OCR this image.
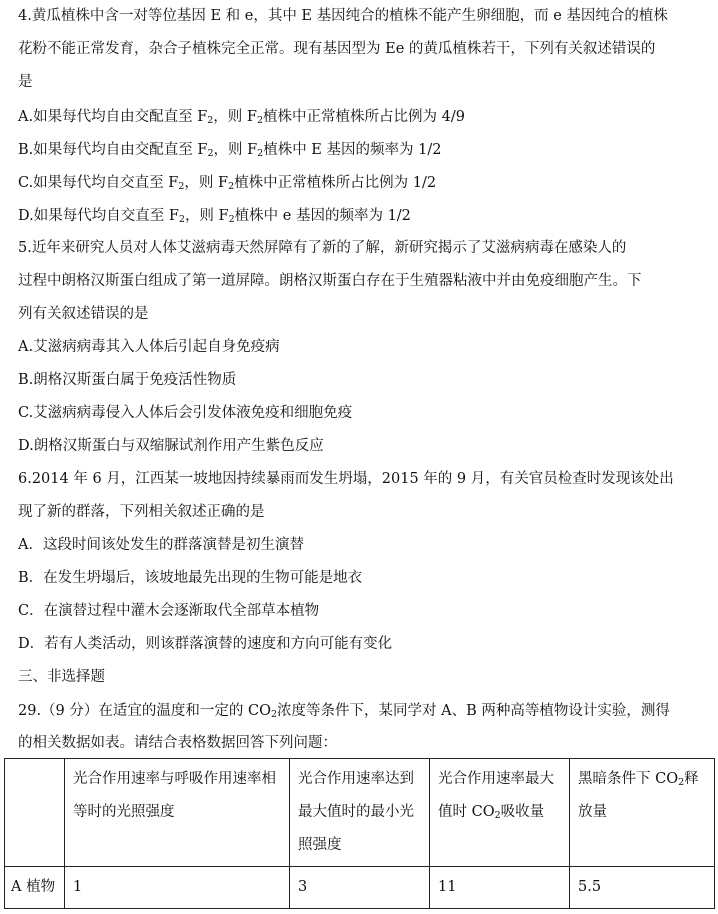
4.黄瓜植株中含一对等位基因 E 和 e，其中 E 基因纯合的植株不能产生卵细胞，而 e 基因纯合的植株
花粉不能正常发育，杂合子植株完全正常。现有基因型为 Ee 的黄瓜植株若干，下列有关叙述错误的
是
A.如果每代均自由交配直至 $F_2$，则 $F_2$植株中正常植株所占比例为 4/9
B.如果每代均自由交配直至 $F_2$，则 $F_2$植株中 E 基因的频率为 1/2
C.如果每代均自交直至 $F_2$，则 $F_2$植株中正常植株所占比例为 1/2
D.如果每代均自交直至 $F_2$，则 $F_2$植株中 e 基因的频率为 1/2
5.近年来研究人员对人体艾滋病毒天然屏障有了新的了解，新研究揭示了艾滋病病毒在感染人的
过程中朗格汉斯蛋白组成了第一道屏障。朗格汉斯蛋白存在于生殖器粘液中并由免疫细胞产生。下
列有关叙述错误的是
A.艾滋病病毒其入人体后引起自身免疫病
B.朗格汉斯蛋白属于免疫活性物质
C.艾滋病病毒侵入人体后会引发体液免疫和细胞免疫
D.朗格汉斯蛋白与双缩脲试剂作用产生紫色反应
6.2014 年 6 月，江西某一坡地因持续暴雨而发生坍塌，2015 年的 9 月，有关官员检查时发现该处出
现了新的群落，下列相关叙述正确的是
A．这段时间该处发生的群落演替是初生演替
B．在发生坍塌后，该坡地最先出现的生物可能是地衣
C．在演替过程中灌木会逐渐取代全部草本植物
D．若有人类活动，则该群落演替的速度和方向可能有变化
三、非选择题
29.（9 分）在适宜的温度和一定的 $CO_2$浓度等条件下，某同学对 A、B 两种高等植物设计实验，测得
的相关数据如表。请结合表格数据回答下列问题：
	光合作用速率与呼吸作用速率相等时的光照强度	光合作用速率达到最大值时的最小光照强度	光合作用速率最大值时 $CO_2$吸收量	黑暗条件下 $CO_2$释放量
A 植物	1	3	11	5.5
